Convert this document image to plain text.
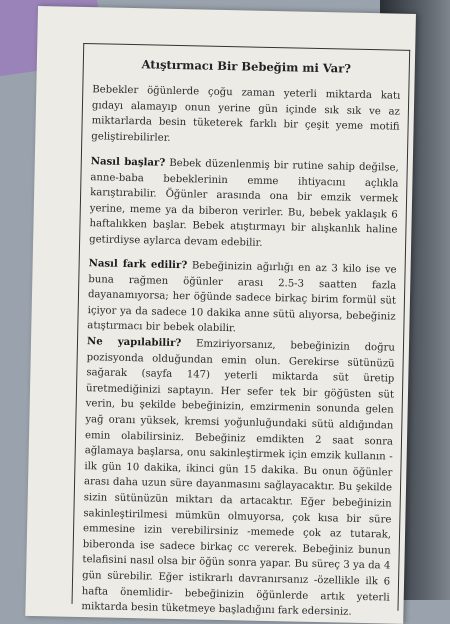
Atıştırmacı Bir Bebeğim mi Var?
Bebekler öğünlerde çoğu zaman yeterli miktarda katı gıdayı alamayıp onun yerine gün içinde sık sık ve az miktarlarda besin tüketerek farklı bir çeşit yeme motifi geliştirebilirler.
Nasıl başlar? Bebek düzenlenmiş bir rutine sahip değilse, anne-baba bebeklerinin emme ihtiyacını açlıkla karıştırabilir. Öğünler arasında ona bir emzik vermek yerine, meme ya da biberon verirler. Bu, bebek yaklaşık 6 haftalıkken başlar. Bebek atıştırmayı bir alışkanlık haline getirdiyse aylarca devam edebilir.
Nasıl fark edilir? Bebeğinizin ağırlığı en az 3 kilo ise ve buna rağmen öğünler arası 2.5-3 saatten fazla dayanamıyorsa; her öğünde sadece birkaç birim formül süt içiyor ya da sadece 10 dakika anne sütü alıyorsa, bebeğiniz atıştırmacı bir bebek olabilir.
Ne yapılabilir? Emziriyorsanız, bebeğinizin doğru pozisyonda olduğundan emin olun. Gerekirse sütünüzü sağarak (sayfa 147) yeterli miktarda süt üretip üretmediğinizi saptayın. Her sefer tek bir göğüsten süt verin, bu şekilde bebeğinizin, emzirmenin sonunda gelen yağ oranı yüksek, kremsi yoğunluğundaki sütü aldığından emin olabilirsiniz. Bebeğiniz emdikten 2 saat sonra ağlamaya başlarsa, onu sakinleştirmek için emzik kullanın -ilk gün 10 dakika, ikinci gün 15 dakika. Bu onun öğünler arası daha uzun süre dayanmasını sağlayacaktır. Bu şekilde sizin sütünüzün miktarı da artacaktır. Eğer bebeğinizin sakinleştirilmesi mümkün olmuyorsa, çok kısa bir süre emmesine izin verebilirsiniz -memede çok az tutarak, biberonda ise sadece birkaç cc vererek. Bebeğiniz bunun telafisini nasıl olsa bir öğün sonra yapar. Bu süreç 3 ya da 4 gün sürebilir. Eğer istikrarlı davranırsanız -özellikle ilk 6 hafta önemlidir- bebeğinizin öğünlerde artık yeterli miktarda besin tüketmeye başladığını fark edersiniz.
